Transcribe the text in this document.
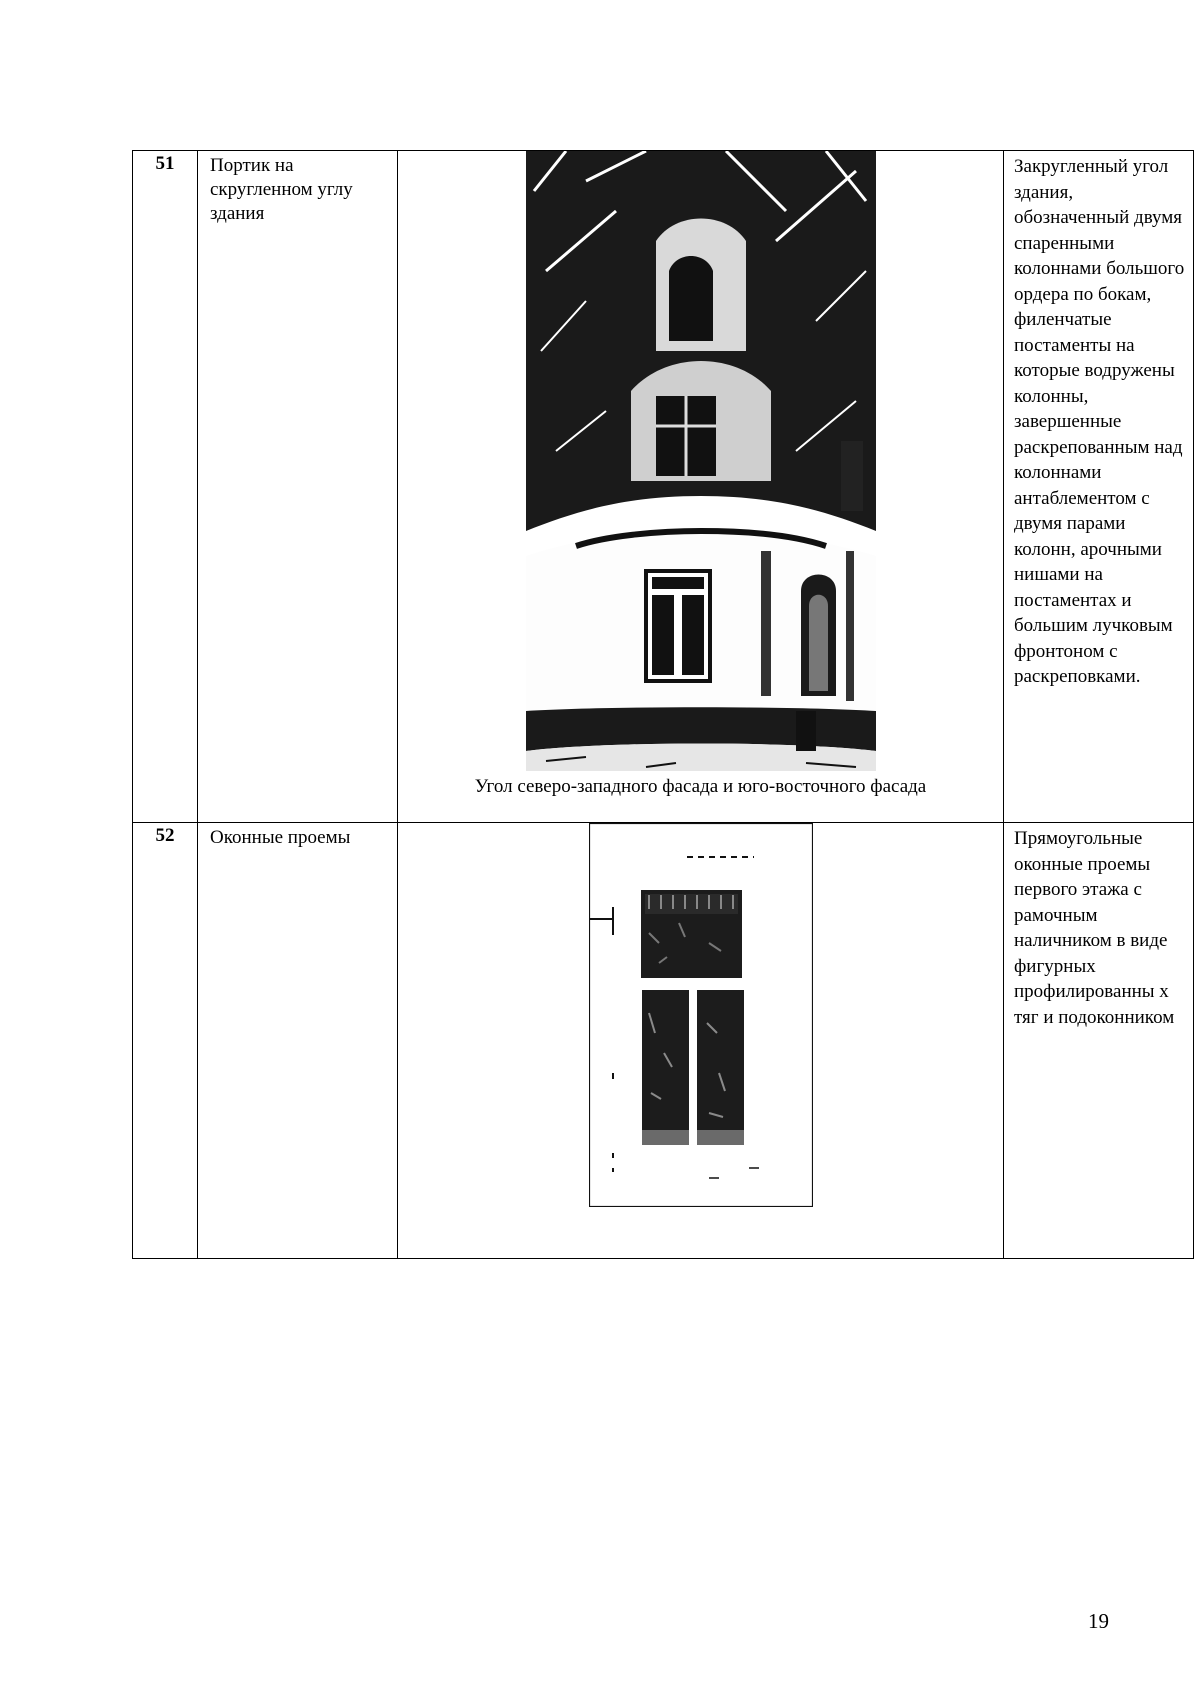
51	Портик на скругленном углу здания	Угол северо-западного фасада и юго-восточного фасада	Закругленный угол здания, обозначенный двумя спаренными колоннами большого ордера по бокам, филенчатые постаменты на которые водружены колонны, завершенные раскрепованным над колоннами антаблементом с двумя парами колонн, арочными нишами на постаментах и большим лучковым фронтоном с раскреповками.
52	Оконные проемы		Прямоугольные оконные проемы первого этажа с рамочным наличником в виде фигурных профилированны х тяг и подоконником
19
